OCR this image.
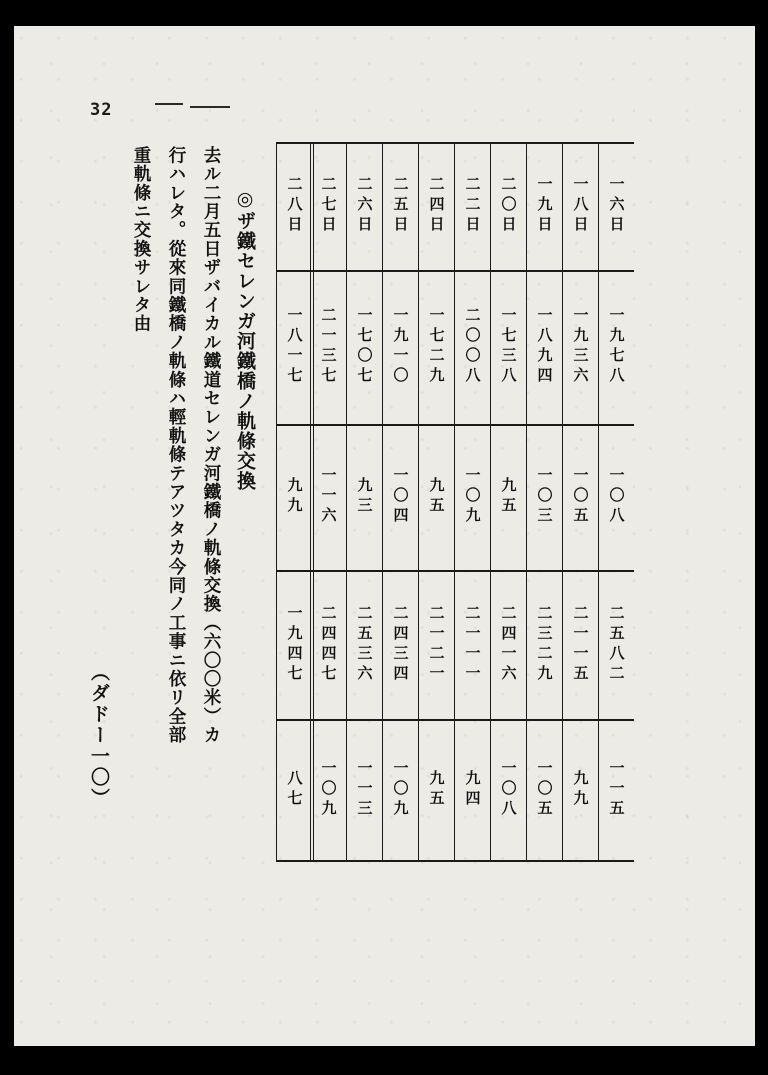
32
一六日
一九七八
一〇八
二五八二
一一五
一八日
一九三六
一〇五
二一一五
九九
一九日
一八九四
一〇三
二三二九
一〇五
二〇日
一七三八
九五
二四一六
一〇八
二二日
二〇〇八
一〇九
二一一一
九四
二四日
一七二九
九五
二一二一
九五
二五日
一九一〇
一〇四
二四三四
一〇九
二六日
一七〇七
九三
二五三六
一一三
二七日
二一三七
一一六
二四四七
一〇九
二八日
一八一七
九九
一九四七
八七
◎ザ鐵セレンガ河鐵橋ノ軌條交換
去ル二月五日ザバイカル鐵道セレンガ河鐵橋ノ軌條交換（六〇〇米）カ
行ハレタ。從來同鐵橋ノ軌條ハ輕軌條テアツタカ今同ノ工事ニ依リ全部
重軌條ニ交換サレタ由
（ダドー一〇）
